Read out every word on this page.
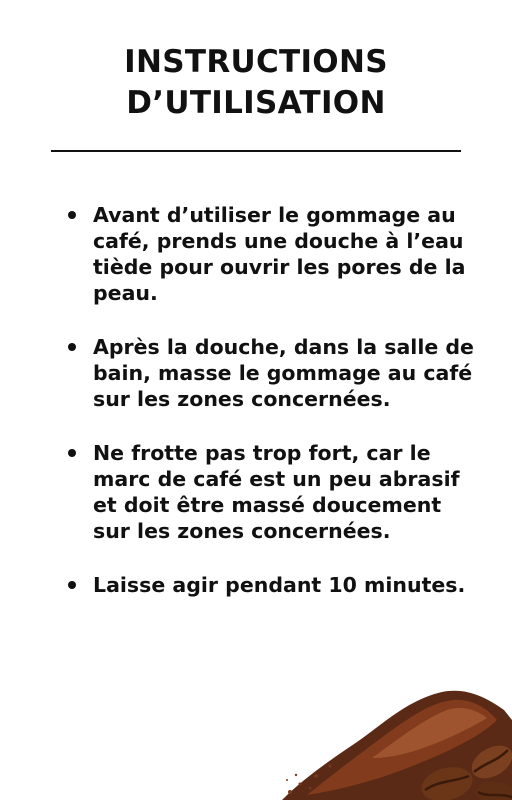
INSTRUCTIONS
D’UTILISATION
Avant d’utiliser le gommage au café, prends une douche à l’eau tiède pour ouvrir les pores de la peau.
Après la douche, dans la salle de bain, masse le gommage au café sur les zones concernées.
Ne frotte pas trop fort, car le marc de café est un peu abrasif et doit être massé doucement sur les zones concernées.
Laisse agir pendant 10 minutes.
